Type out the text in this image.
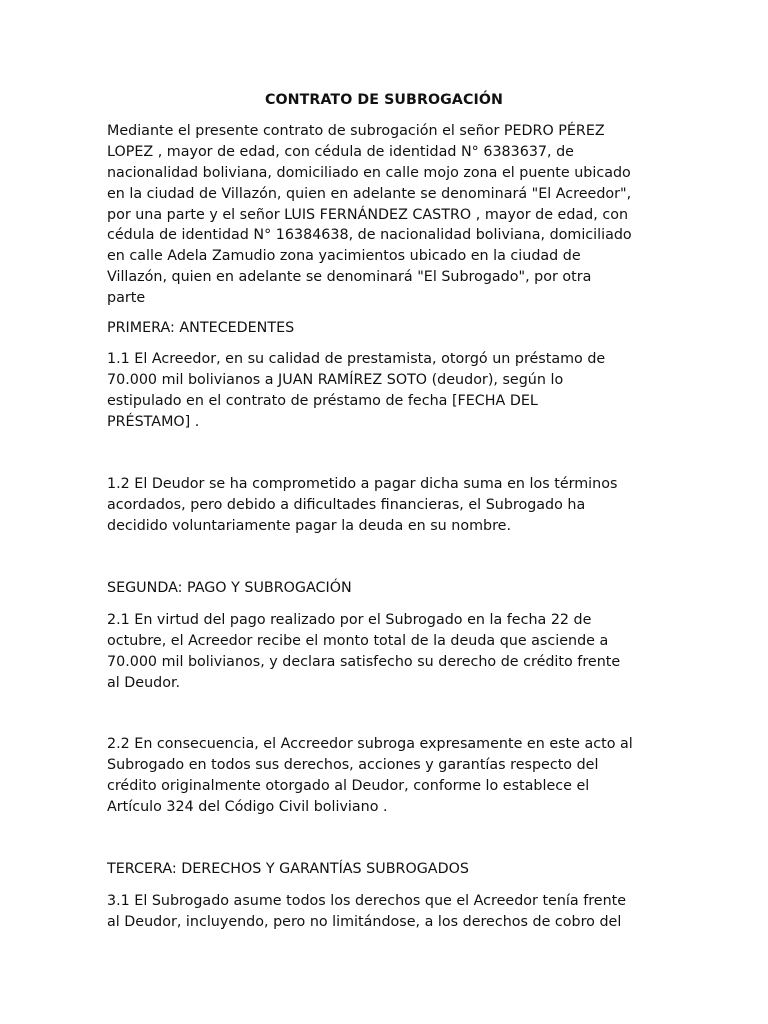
CONTRATO DE SUBROGACIÓN
Mediante el presente contrato de subrogación el señor PEDRO PÉREZ
LOPEZ , mayor de edad, con cédula de identidad N° 6383637, de
nacionalidad boliviana, domiciliado en calle mojo zona el puente ubicado
en la ciudad de Villazón, quien en adelante se denominará "El Acreedor",
por una parte y el señor LUIS FERNÁNDEZ CASTRO , mayor de edad, con
cédula de identidad N° 16384638, de nacionalidad boliviana, domiciliado
en calle Adela Zamudio zona yacimientos ubicado en la ciudad de
Villazón, quien en adelante se denominará "El Subrogado", por otra
parte
PRIMERA: ANTECEDENTES
1.1 El Acreedor, en su calidad de prestamista, otorgó un préstamo de
70.000 mil bolivianos a JUAN RAMÍREZ SOTO (deudor), según lo
estipulado en el contrato de préstamo de fecha [FECHA DEL
PRÉSTAMO] .
1.2 El Deudor se ha comprometido a pagar dicha suma en los términos
acordados, pero debido a dificultades financieras, el Subrogado ha
decidido voluntariamente pagar la deuda en su nombre.
SEGUNDA: PAGO Y SUBROGACIÓN
2.1 En virtud del pago realizado por el Subrogado en la fecha 22 de
octubre, el Acreedor recibe el monto total de la deuda que asciende a
70.000 mil bolivianos, y declara satisfecho su derecho de crédito frente
al Deudor.
2.2 En consecuencia, el Accreedor subroga expresamente en este acto al
Subrogado en todos sus derechos, acciones y garantías respecto del
crédito originalmente otorgado al Deudor, conforme lo establece el
Artículo 324 del Código Civil boliviano .
TERCERA: DERECHOS Y GARANTÍAS SUBROGADOS
3.1 El Subrogado asume todos los derechos que el Acreedor tenía frente
al Deudor, incluyendo, pero no limitándose, a los derechos de cobro del
